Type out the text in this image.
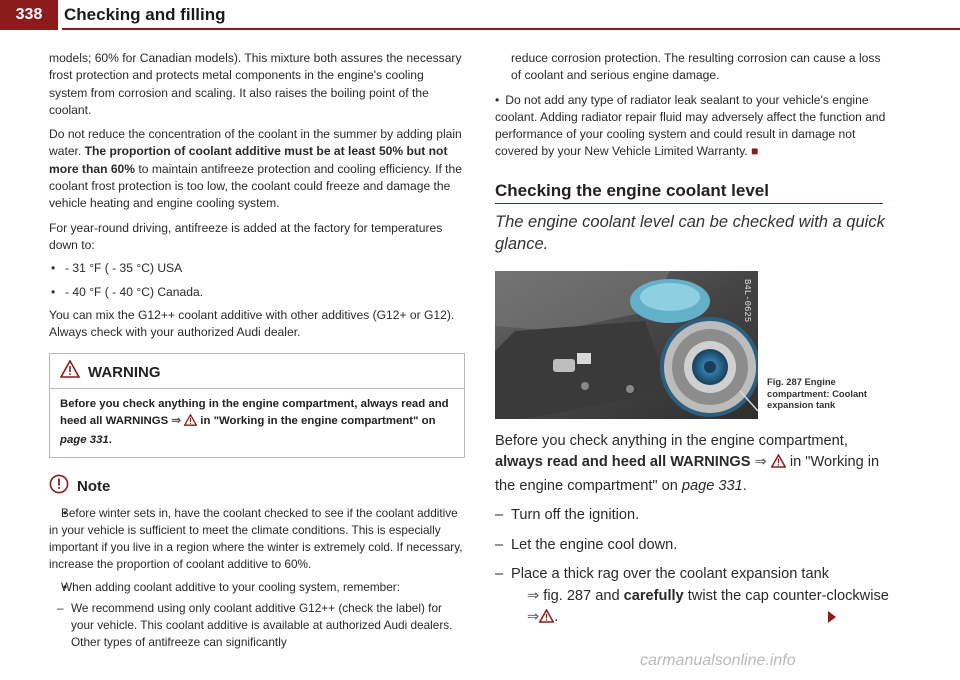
338	Checking and filling

models; 60% for Canadian models). This mixture both assures the necessary frost protection and protects metal components in the engine's cooling system from corrosion and scaling. It also raises the boiling point of the coolant.

Do not reduce the concentration of the coolant in the summer by adding plain water. The proportion of coolant additive must be at least 50% but not more than 60% to maintain antifreeze protection and cooling efficiency. If the coolant frost protection is too low, the coolant could freeze and damage the vehicle heating and engine cooling system.

For year-round driving, antifreeze is added at the factory for temperatures down to:

• - 31 °F ( - 35 °C) USA
• - 40 °F ( - 40 °C) Canada.

You can mix the G12++ coolant additive with other additives (G12+ or G12). Always check with your authorized Audi dealer.

WARNING
Before you check anything in the engine compartment, always read and heed all WARNINGS ⇒  in "Working in the engine compartment" on page 331.
Note
• Before winter sets in, have the coolant checked to see if the coolant additive in your vehicle is sufficient to meet the climate conditions. This is especially important if you live in a region where the winter is extremely cold. If necessary, increase the proportion of coolant additive to 60%.
• When adding coolant additive to your cooling system, remember:
– We recommend using only coolant additive G12++ (check the label) for your vehicle. This coolant additive is available at authorized Audi dealers. Other types of antifreeze can significantly

reduce corrosion protection. The resulting corrosion can cause a loss of coolant and serious engine damage.

• Do not add any type of radiator leak sealant to your vehicle's engine coolant. Adding radiator repair fluid may adversely affect the function and performance of your cooling system and could result in damage not covered by your New Vehicle Limited Warranty. ■

Checking the engine coolant level
The engine coolant level can be checked with a quick glance.
B4L-0625
Fig. 287 Engine compartment: Coolant expansion tank
Before you check anything in the engine compartment, always read and heed all WARNINGS ⇒  in "Working in the engine compartment" on page 331.
– Turn off the ignition.
– Let the engine cool down.
– Place a thick rag over the coolant expansion tank
⇒ fig. 287 and carefully twist the cap counter-clockwise
⇒ .
carmanualsonline.info
